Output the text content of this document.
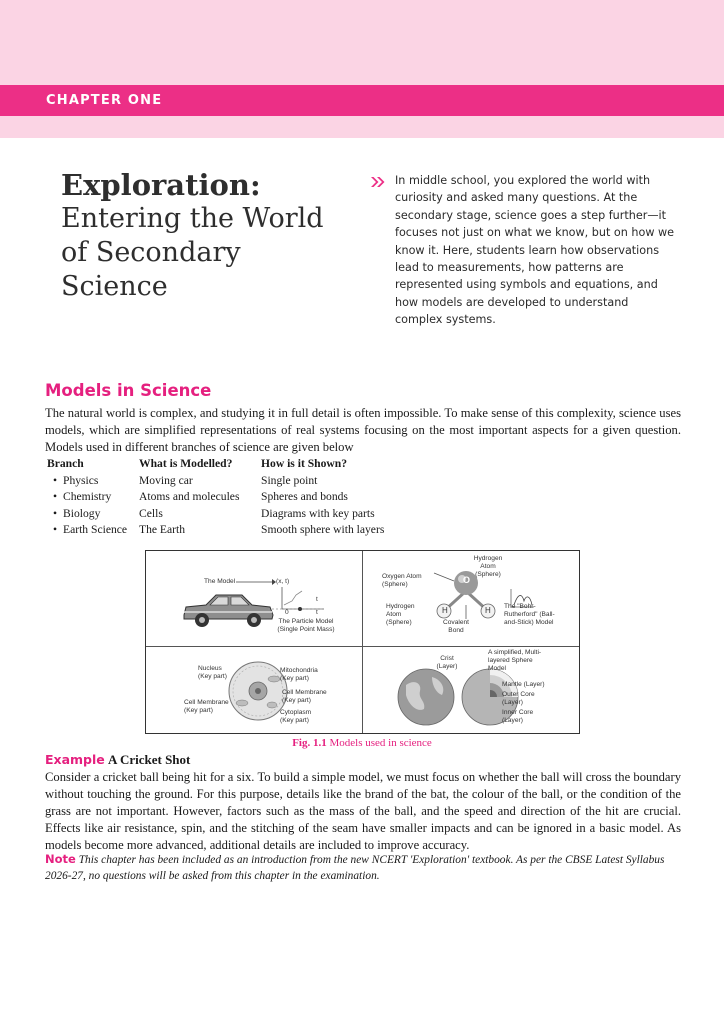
CHAPTER ONE
Exploration:
Entering the World of Secondary Science
In middle school, you explored the world with curiosity and asked many questions. At the secondary stage, science goes a step further—it focuses not just on what we know, but on how we know it. Here, students learn how observations lead to measurements, how patterns are represented using symbols and equations, and how models are developed to understand complex systems.
Models in Science
The natural world is complex, and studying it in full detail is often impossible. To make sense of this complexity, science uses models, which are simplified representations of real systems focusing on the most important aspects for a given question. Models used in different branches of science are given below
Branch	What is Modelled?	How is it Shown?
• Physics	Moving car	Single point
• Chemistry	Atoms and molecules	Spheres and bonds
• Biology	Cells	Diagrams with key parts
• Earth Science	The Earth	Smooth sphere with layers
The Model	(x, t)
t
0	t
The Particle Model
(Single Point Mass)
Hydrogen Atom (Sphere)
Oxygen Atom (Sphere)	O
H	H
Hydrogen Atom (Sphere)	Covalent Bond
The "Bohr-Rutherford" (Ball-and-Stick) Model
Nucleus (Key part)
Mitochondria (Key part)
Cell Membrane (Key part)
Cell Membrane (Key part)	Cytoplasm (Key part)
Crist (Layer)
A simplified, Multi-layered Sphere Model
Mantle (Layer)
Outer Core (Layer)
Inner Core (Layer)
Fig. 1.1 Models used in science
Example A Cricket Shot
Consider a cricket ball being hit for a six. To build a simple model, we must focus on whether the ball will cross the boundary without touching the ground. For this purpose, details like the brand of the bat, the colour of the ball, or the condition of the grass are not important. However, factors such as the mass of the ball, and the speed and direction of the hit are crucial. Effects like air resistance, spin, and the stitching of the seam have smaller impacts and can be ignored in a basic model. As models become more advanced, additional details are included to improve accuracy.
Note This chapter has been included as an introduction from the new NCERT 'Exploration' textbook. As per the CBSE Latest Syllabus 2026-27, no questions will be asked from this chapter in the examination.
